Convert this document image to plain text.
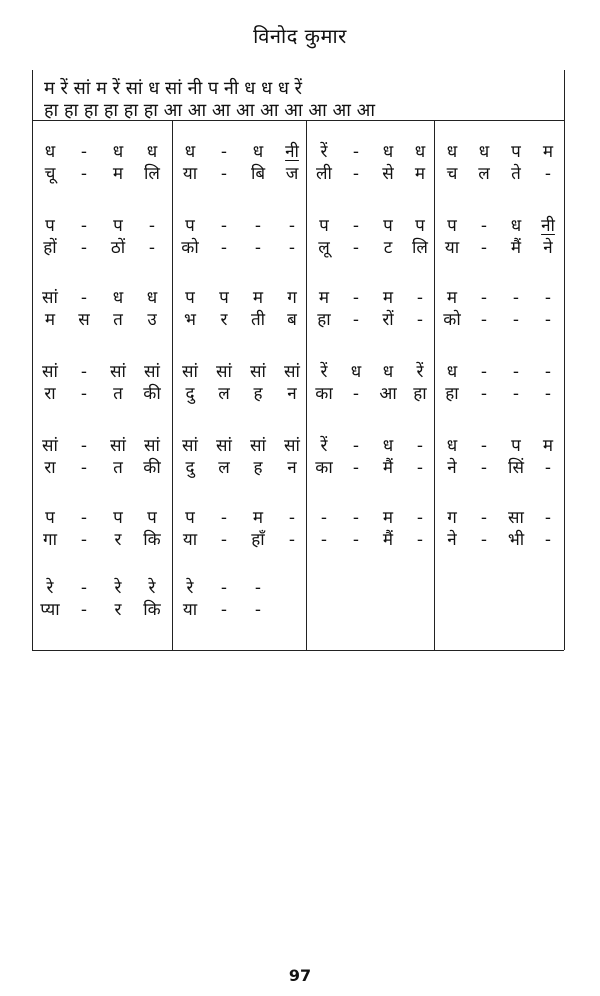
विनोद कुमार
म रें सां म रें सां ध सां नी प नी ध ध ध रें
हा हा हा हा हा हा आ आ आ आ आ आ आ आ आ
ध	-	ध	ध	ध	-	ध	नी	रें	-	ध	ध	ध	ध	प	म
चू	-	म	लि	या	-	बि	ज	ली	-	से	म	च	ल	ते	-
प	-	प	-	प	-	-	-	प	-	प	प	प	-	ध	नी
हों	-	ठों	-	को	-	-	-	लू	-	ट	लि या	-	मैं	ने
सां	-	ध	ध	प	प	म	ग	म	-	म	-	म	-	-	-
म	स	त	उ	भ	र	ती	ब	हा	-	रों	-	को	-	-	-
सां	-	सां	सां	सां	सां	सां	सां	रें	ध	ध	रें	ध	-	-	-
रा	-	त	की	दु	ल	ह	न	का	-	आ हा	हा	-	-	-
सां	-	सां	सां	सां	सां	सां	सां	रें	-	ध	-	ध	-	प	म
रा	-	त	की	दु	ल	ह	न	का	-	मैं	-	ने	-	सिं	-
प	-	प	प	प	-	म	-	-	-	म	-	ग	-	सा	-
गा	-	र	कि	या	-	हाँ	-	-	-	मैं	-	ने	-	भी	-
रे	-	रे	रे	रे	-	-
प्या	-	र	कि	या	-	-
97
